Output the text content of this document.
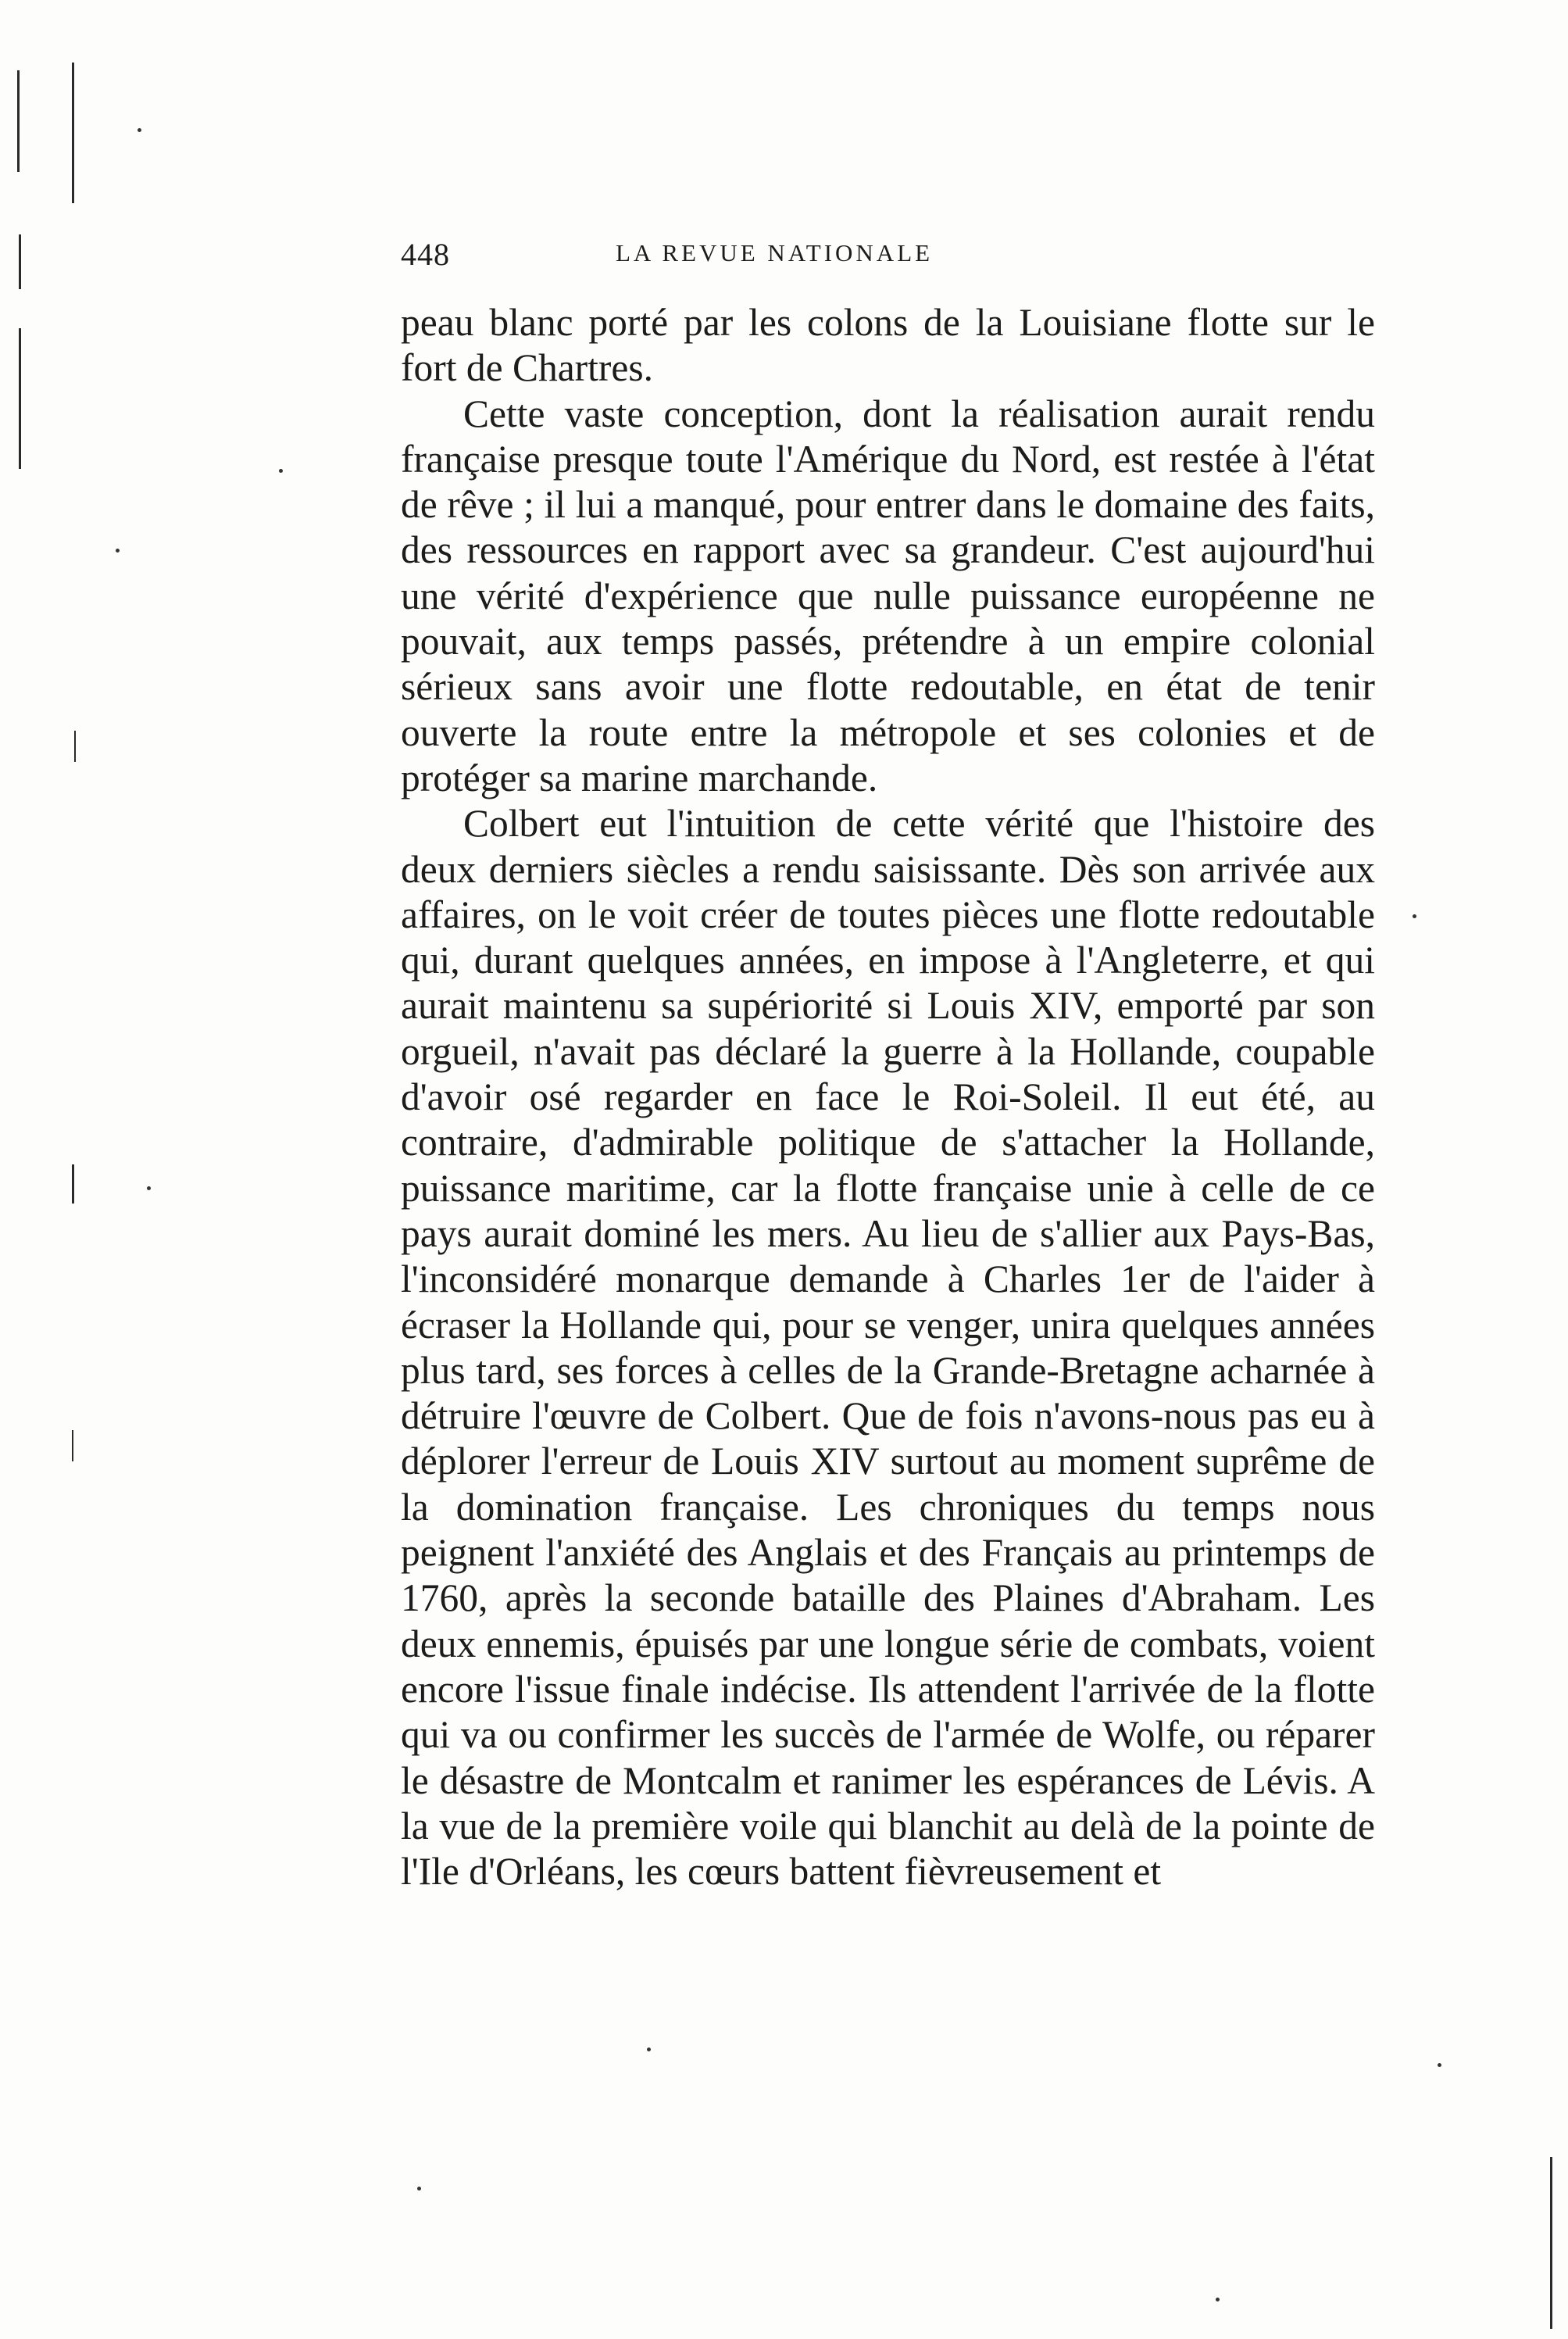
448	LA REVUE NATIONALE

peau blanc porté par les colons de la Louisiane flotte sur le fort de Chartres.

Cette vaste conception, dont la réalisation aurait rendu française presque toute l'Amérique du Nord, est restée à l'état de rêve ; il lui a manqué, pour entrer dans le domaine des faits, des ressources en rapport avec sa grandeur. C'est aujourd'hui une vérité d'expérience que nulle puissance européenne ne pouvait, aux temps passés, prétendre à un empire colonial sérieux sans avoir une flotte redoutable, en état de tenir ouverte la route entre la métropole et ses colonies et de protéger sa marine marchande.

Colbert eut l'intuition de cette vérité que l'histoire des deux derniers siècles a rendu saisissante. Dès son arrivée aux affaires, on le voit créer de toutes pièces une flotte redoutable qui, durant quelques années, en impose à l'Angleterre, et qui aurait maintenu sa supériorité si Louis XIV, emporté par son orgueil, n'avait pas déclaré la guerre à la Hollande, coupable d'avoir osé regarder en face le Roi-Soleil. Il eut été, au contraire, d'admirable politique de s'attacher la Hollande, puissance maritime, car la flotte française unie à celle de ce pays aurait dominé les mers. Au lieu de s'allier aux Pays-Bas, l'inconsidéré monarque demande à Charles 1er de l'aider à écraser la Hollande qui, pour se venger, unira quelques années plus tard, ses forces à celles de la Grande-Bretagne acharnée à détruire l'œuvre de Colbert. Que de fois n'avons-nous pas eu à déplorer l'erreur de Louis XIV surtout au moment suprême de la domination française. Les chroniques du temps nous peignent l'anxiété des Anglais et des Français au printemps de 1760, après la seconde bataille des Plaines d'Abraham. Les deux ennemis, épuisés par une longue série de combats, voient encore l'issue finale indécise. Ils attendent l'arrivée de la flotte qui va ou confirmer les succès de l'armée de Wolfe, ou réparer le désastre de Montcalm et ranimer les espérances de Lévis. A la vue de la première voile qui blanchit au delà de la pointe de l'Ile d'Orléans, les cœurs battent fièvreusement et
